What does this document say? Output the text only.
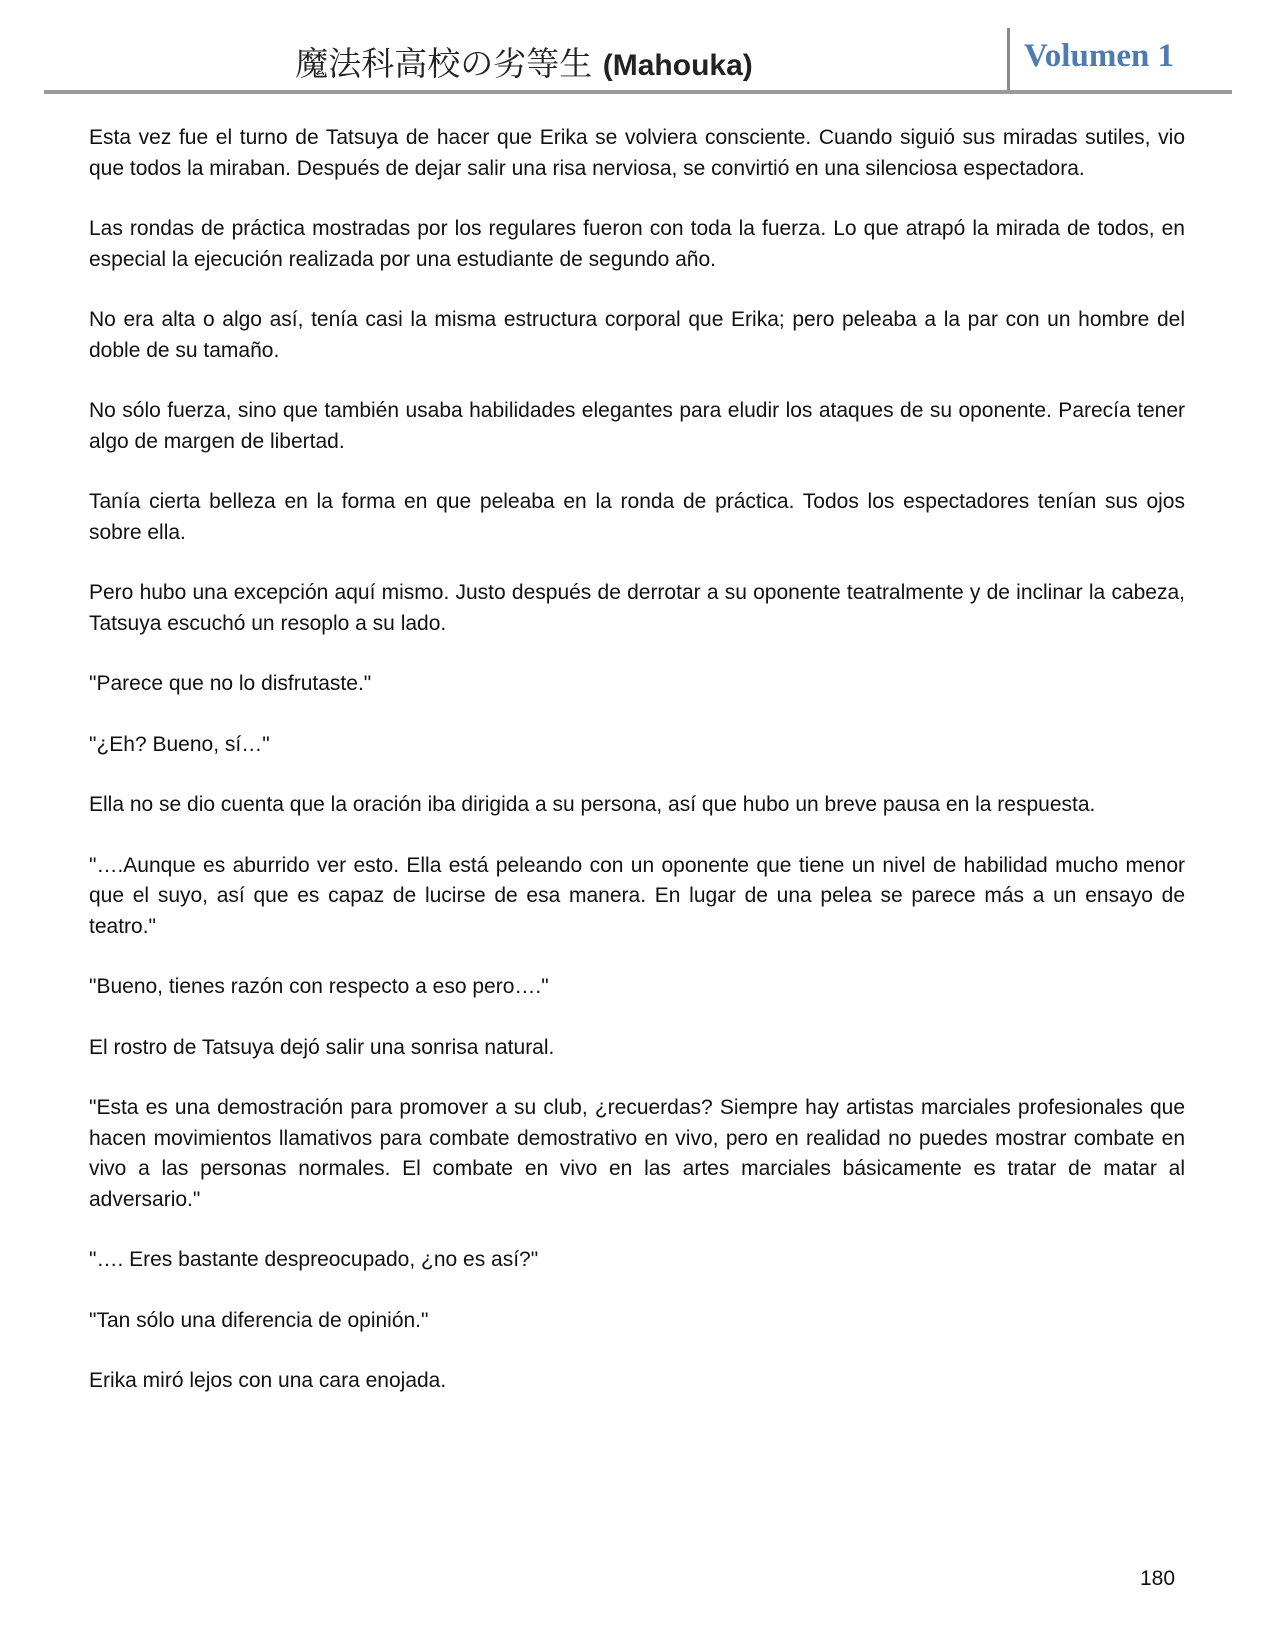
魔法科高校の劣等生 (Mahouka)	Volumen 1

Esta vez fue el turno de Tatsuya de hacer que Erika se volviera consciente. Cuando siguió sus miradas sutiles, vio que todos la miraban. Después de dejar salir una risa nerviosa, se convirtió en una silenciosa espectadora.

Las rondas de práctica mostradas por los regulares fueron con toda la fuerza. Lo que atrapó la mirada de todos, en especial la ejecución realizada por una estudiante de segundo año.

No era alta o algo así, tenía casi la misma estructura corporal que Erika; pero peleaba a la par con un hombre del doble de su tamaño.

No sólo fuerza, sino que también usaba habilidades elegantes para eludir los ataques de su oponente. Parecía tener algo de margen de libertad.

Tanía cierta belleza en la forma en que peleaba en la ronda de práctica. Todos los espectadores tenían sus ojos sobre ella.

Pero hubo una excepción aquí mismo. Justo después de derrotar a su oponente teatralmente y de inclinar la cabeza, Tatsuya escuchó un resoplo a su lado.

"Parece que no lo disfrutaste."

"¿Eh? Bueno, sí…"

Ella no se dio cuenta que la oración iba dirigida a su persona, así que hubo un breve pausa en la respuesta.

"….Aunque es aburrido ver esto. Ella está peleando con un oponente que tiene un nivel de habilidad mucho menor que el suyo, así que es capaz de lucirse de esa manera. En lugar de una pelea se parece más a un ensayo de teatro."

"Bueno, tienes razón con respecto a eso pero…."

El rostro de Tatsuya dejó salir una sonrisa natural.

"Esta es una demostración para promover a su club, ¿recuerdas? Siempre hay artistas marciales profesionales que hacen movimientos llamativos para combate demostrativo en vivo, pero en realidad no puedes mostrar combate en vivo a las personas normales. El combate en vivo en las artes marciales básicamente es tratar de matar al adversario."

"…. Eres bastante despreocupado, ¿no es así?"

"Tan sólo una diferencia de opinión."

Erika miró lejos con una cara enojada.

180
